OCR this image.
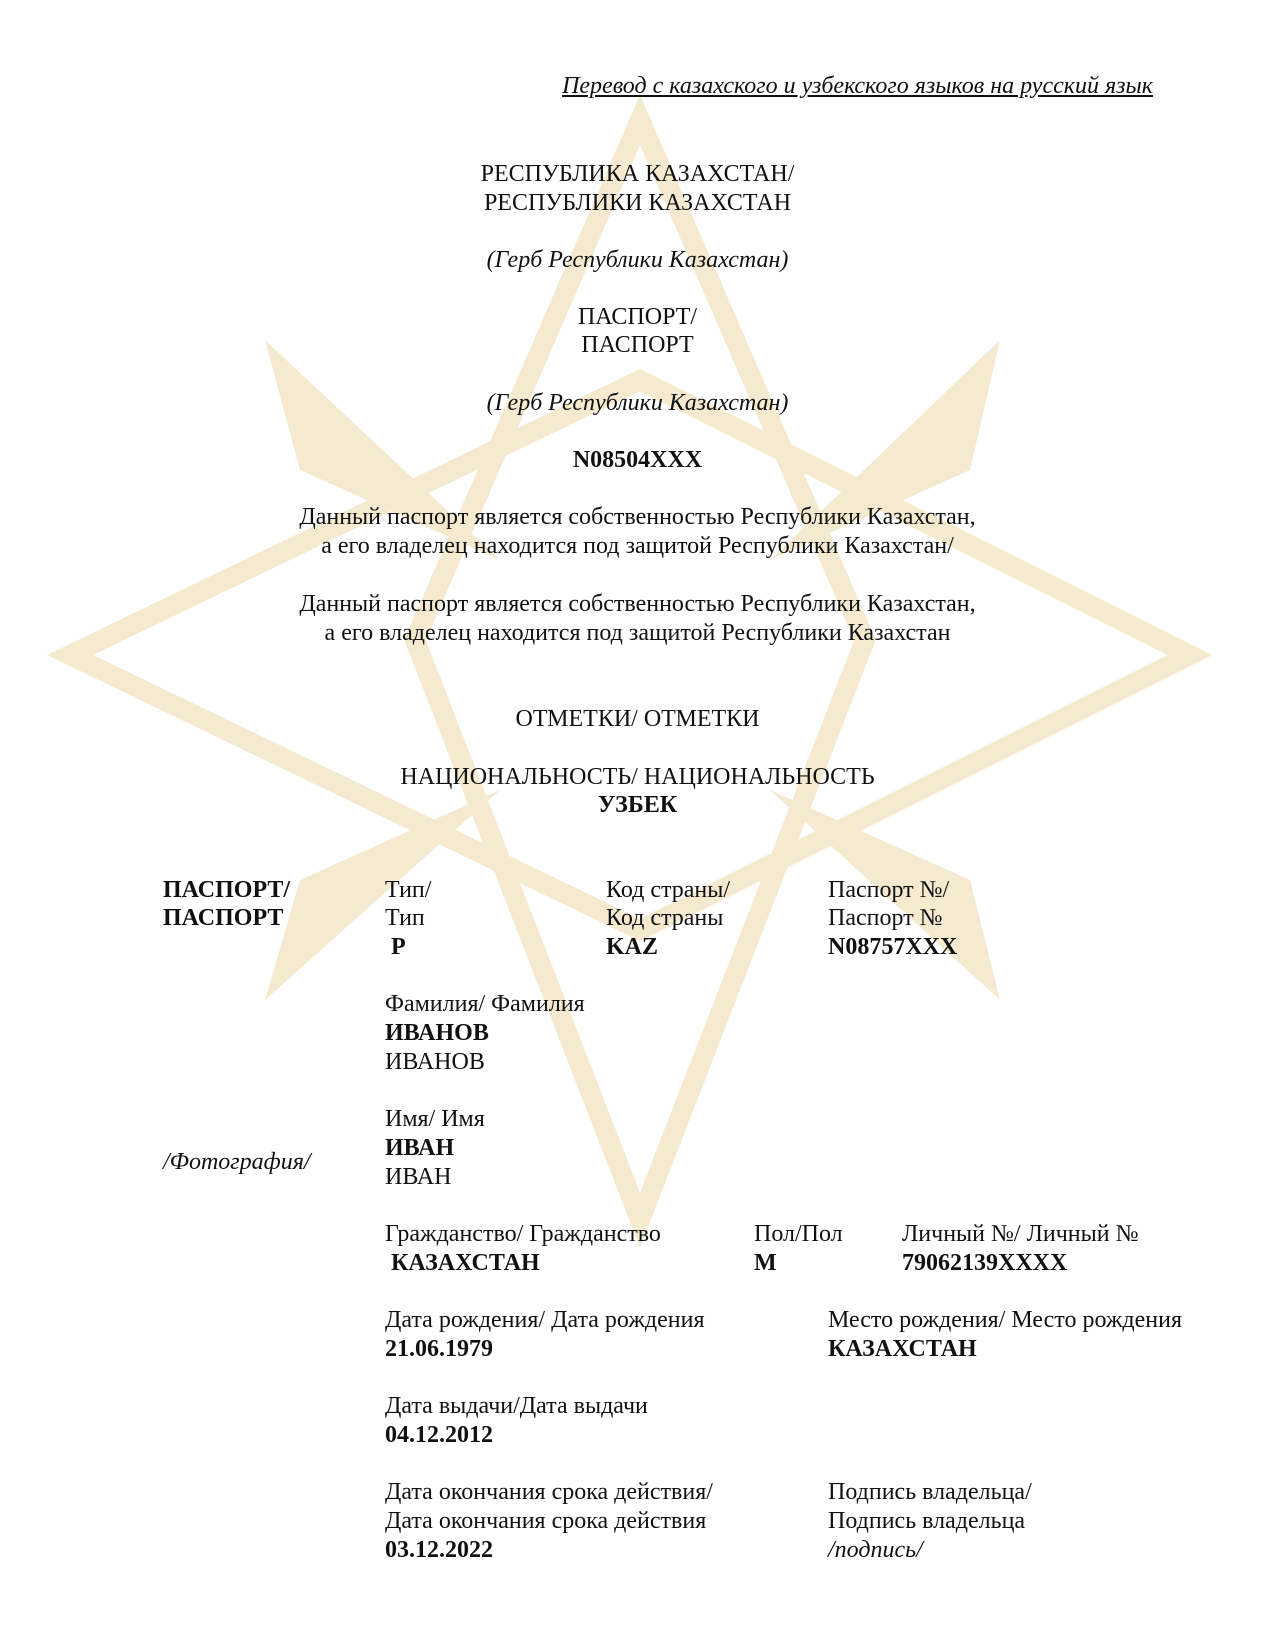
Перевод с казахского и узбекского языков на русский язык
РЕСПУБЛИКА КАЗАХСТАН/
РЕСПУБЛИКИ КАЗАХСТАН
(Герб Республики Казахстан)
ПАСПОРТ/
ПАСПОРТ
(Герб Республики Казахстан)
N08504XXX
Данный паспорт является собственностью Республики Казахстан,
а его владелец находится под защитой Республики Казахстан/
Данный паспорт является собственностью Республики Казахстан,
а его владелец находится под защитой Республики Казахстан
ОТМЕТКИ/ ОТМЕТКИ
НАЦИОНАЛЬНОСТЬ/ НАЦИОНАЛЬНОСТЬ
УЗБЕК
ПАСПОРТ/
ПАСПОРТ
Тип/
Тип
P
Код страны/
Код страны
KAZ
Паспорт №/
Паспорт №
N08757XXX
Фамилия/ Фамилия
ИВАНОВ
ИВАНОВ
/Фотография/
Имя/ Имя
ИВАН
ИВАН
Гражданство/ Гражданство
КАЗАХСТАН
Пол/Пол
М
Личный №/ Личный №
79062139XXXX
Дата рождения/ Дата рождения
21.06.1979
Место рождения/ Место рождения
КАЗАХСТАН
Дата выдачи/Дата выдачи
04.12.2012
Дата окончания срока действия/
Дата окончания срока действия
03.12.2022
Подпись владельца/
Подпись владельца
/подпись/
